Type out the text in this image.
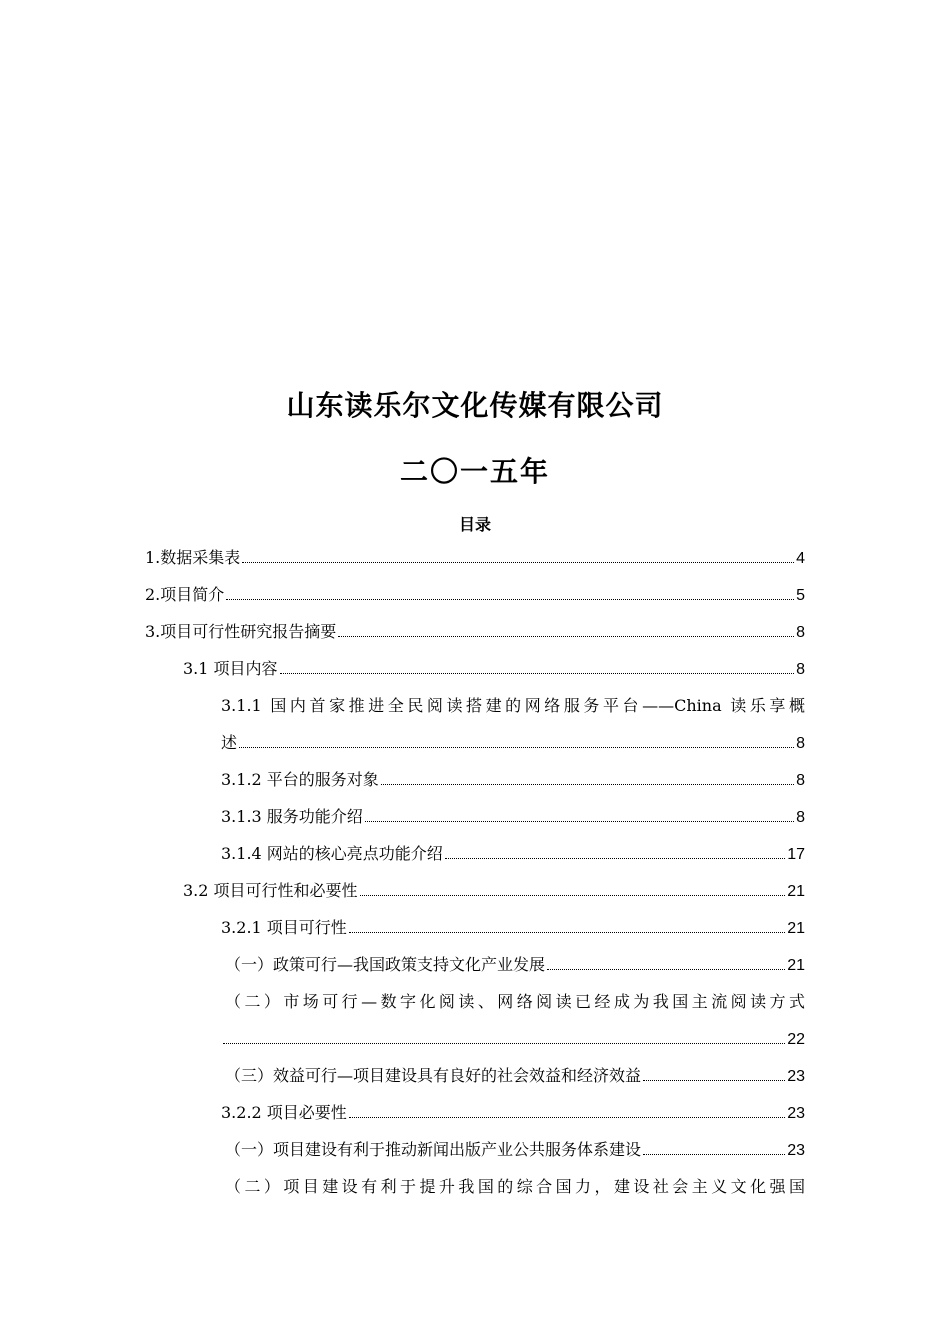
山东读乐尔文化传媒有限公司
二〇一五年
目录
1.数据采集表	4
2.项目简介	5
3.项目可行性研究报告摘要	8
3.1 项目内容	8
3.1.1 国内首家推进全民阅读搭建的网络服务平台——China 读乐享概
述	8
3.1.2 平台的服务对象	8
3.1.3 服务功能介绍	8
3.1.4 网站的核心亮点功能介绍	17
3.2 项目可行性和必要性	21
3.2.1 项目可行性	21
（一）政策可行—我国政策支持文化产业发展	21
（二）市场可行—数字化阅读、网络阅读已经成为我国主流阅读方式
22
（三）效益可行—项目建设具有良好的社会效益和经济效益	23
3.2.2 项目必要性	23
（一）项目建设有利于推动新闻出版产业公共服务体系建设	23
（二）项目建设有利于提升我国的综合国力，建设社会主义文化强国
